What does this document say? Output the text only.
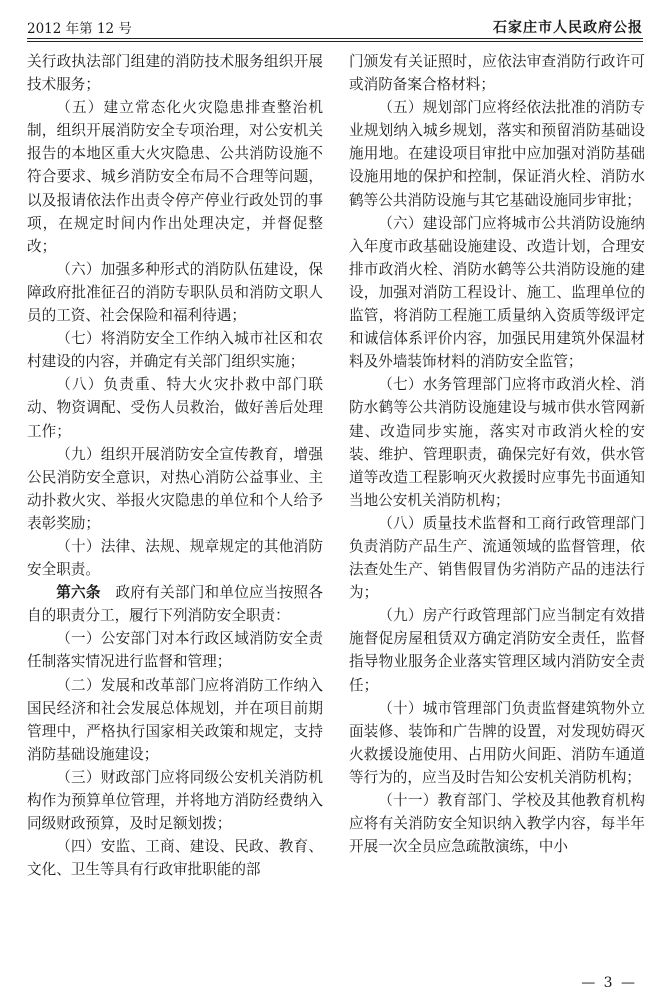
2012 年第 12 号	石家庄市人民政府公报

关行政执法部门组建的消防技术服务组织开展技术服务；

（五）建立常态化火灾隐患排查整治机制，组织开展消防安全专项治理，对公安机关报告的本地区重大火灾隐患、公共消防设施不符合要求、城乡消防安全布局不合理等问题，以及报请依法作出责令停产停业行政处罚的事项，在规定时间内作出处理决定，并督促整改；

（六）加强多种形式的消防队伍建设，保障政府批准征召的消防专职队员和消防文职人员的工资、社会保险和福利待遇；

（七）将消防安全工作纳入城市社区和农村建设的内容，并确定有关部门组织实施；

（八）负责重、特大火灾扑救中部门联动、物资调配、受伤人员救治，做好善后处理工作；

（九）组织开展消防安全宣传教育，增强公民消防安全意识，对热心消防公益事业、主动扑救火灾、举报火灾隐患的单位和个人给予表彰奖励；

（十）法律、法规、规章规定的其他消防安全职责。

第六条　政府有关部门和单位应当按照各自的职责分工，履行下列消防安全职责：

（一）公安部门对本行政区域消防安全责任制落实情况进行监督和管理；

（二）发展和改革部门应将消防工作纳入国民经济和社会发展总体规划，并在项目前期管理中，严格执行国家相关政策和规定，支持消防基础设施建设；

（三）财政部门应将同级公安机关消防机构作为预算单位管理，并将地方消防经费纳入同级财政预算，及时足额划拨；

（四）安监、工商、建设、民政、教育、文化、卫生等具有行政审批职能的部

门颁发有关证照时，应依法审查消防行政许可或消防备案合格材料；

（五）规划部门应将经依法批准的消防专业规划纳入城乡规划，落实和预留消防基础设施用地。在建设项目审批中应加强对消防基础设施用地的保护和控制，保证消火栓、消防水鹤等公共消防设施与其它基础设施同步审批；

（六）建设部门应将城市公共消防设施纳入年度市政基础设施建设、改造计划，合理安排市政消火栓、消防水鹤等公共消防设施的建设，加强对消防工程设计、施工、监理单位的监管，将消防工程施工质量纳入资质等级评定和诚信体系评价内容，加强民用建筑外保温材料及外墙装饰材料的消防安全监管；

（七）水务管理部门应将市政消火栓、消防水鹤等公共消防设施建设与城市供水管网新建、改造同步实施，落实对市政消火栓的安装、维护、管理职责，确保完好有效，供水管道等改造工程影响灭火救援时应事先书面通知当地公安机关消防机构；

（八）质量技术监督和工商行政管理部门负责消防产品生产、流通领域的监督管理，依法查处生产、销售假冒伪劣消防产品的违法行为；

（九）房产行政管理部门应当制定有效措施督促房屋租赁双方确定消防安全责任，监督指导物业服务企业落实管理区域内消防安全责任；

（十）城市管理部门负责监督建筑物外立面装修、装饰和广告牌的设置，对发现妨碍灭火救援设施使用、占用防火间距、消防车通道等行为的，应当及时告知公安机关消防机构；

（十一）教育部门、学校及其他教育机构应将有关消防安全知识纳入教学内容，每半年开展一次全员应急疏散演练，中小

— 3 —
